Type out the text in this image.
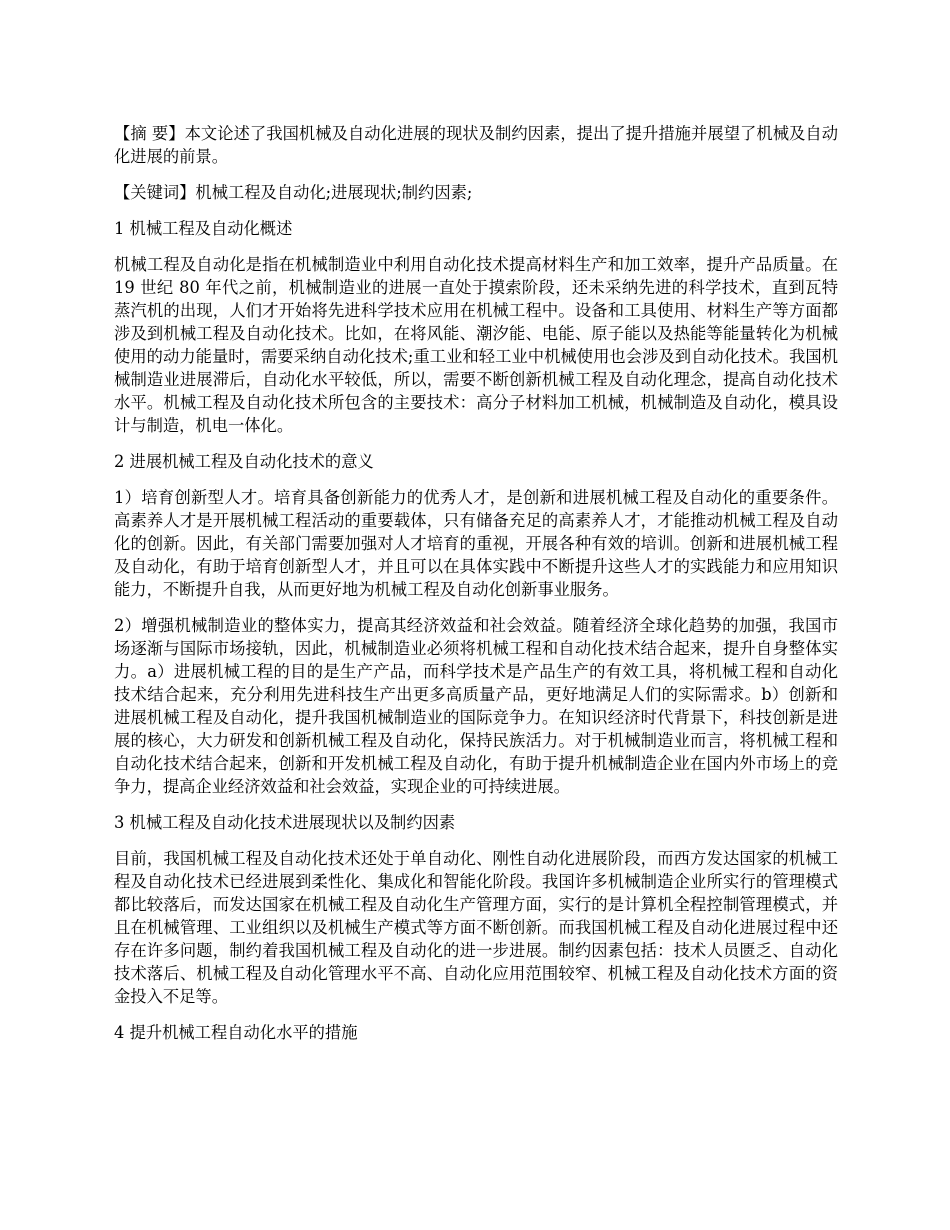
【摘 要】本文论述了我国机械及自动化进展的现状及制约因素，提出了提升措施并展望了机械及自动化进展的前景。

【关键词】机械工程及自动化;进展现状;制约因素;

1 机械工程及自动化概述

机械工程及自动化是指在机械制造业中利用自动化技术提高材料生产和加工效率，提升产品质量。在 19 世纪 80 年代之前，机械制造业的进展一直处于摸索阶段，还未采纳先进的科学技术，直到瓦特蒸汽机的出现，人们才开始将先进科学技术应用在机械工程中。设备和工具使用、材料生产等方面都涉及到机械工程及自动化技术。比如，在将风能、潮汐能、电能、原子能以及热能等能量转化为机械使用的动力能量时，需要采纳自动化技术;重工业和轻工业中机械使用也会涉及到自动化技术。我国机械制造业进展滞后，自动化水平较低，所以，需要不断创新机械工程及自动化理念，提高自动化技术水平。机械工程及自动化技术所包含的主要技术：高分子材料加工机械，机械制造及自动化，模具设计与制造，机电一体化。

2 进展机械工程及自动化技术的意义

1）培育创新型人才。培育具备创新能力的优秀人才，是创新和进展机械工程及自动化的重要条件。高素养人才是开展机械工程活动的重要载体，只有储备充足的高素养人才，才能推动机械工程及自动化的创新。因此，有关部门需要加强对人才培育的重视，开展各种有效的培训。创新和进展机械工程及自动化，有助于培育创新型人才，并且可以在具体实践中不断提升这些人才的实践能力和应用知识能力，不断提升自我，从而更好地为机械工程及自动化创新事业服务。

2）增强机械制造业的整体实力，提高其经济效益和社会效益。随着经济全球化趋势的加强，我国市场逐渐与国际市场接轨，因此，机械制造业必须将机械工程和自动化技术结合起来，提升自身整体实力。a）进展机械工程的目的是生产产品，而科学技术是产品生产的有效工具，将机械工程和自动化技术结合起来，充分利用先进科技生产出更多高质量产品，更好地满足人们的实际需求。b）创新和进展机械工程及自动化，提升我国机械制造业的国际竞争力。在知识经济时代背景下，科技创新是进展的核心，大力研发和创新机械工程及自动化，保持民族活力。对于机械制造业而言，将机械工程和自动化技术结合起来，创新和开发机械工程及自动化，有助于提升机械制造企业在国内外市场上的竞争力，提高企业经济效益和社会效益，实现企业的可持续进展。

3 机械工程及自动化技术进展现状以及制约因素

目前，我国机械工程及自动化技术还处于单自动化、刚性自动化进展阶段，而西方发达国家的机械工程及自动化技术已经进展到柔性化、集成化和智能化阶段。我国许多机械制造企业所实行的管理模式都比较落后，而发达国家在机械工程及自动化生产管理方面，实行的是计算机全程控制管理模式，并且在机械管理、工业组织以及机械生产模式等方面不断创新。而我国机械工程及自动化进展过程中还存在许多问题，制约着我国机械工程及自动化的进一步进展。制约因素包括：技术人员匮乏、自动化技术落后、机械工程及自动化管理水平不高、自动化应用范围较窄、机械工程及自动化技术方面的资金投入不足等。

4 提升机械工程自动化水平的措施
